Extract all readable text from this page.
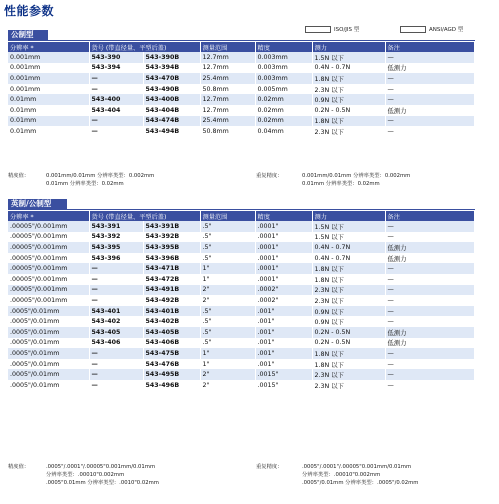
性能参数
ISO/JIS 型	ANSI/AGD 型
公制型
分辨率 *	货号 (带直径量、平型后盖)		测量范围	精度	测力	备注
0.001mm	543-390	543-390B	12.7mm	0.003mm	1.5N 以下	—
0.001mm	543-394	543-394B	12.7mm	0.003mm	0.4N - 0.7N	低测力
0.001mm	—	543-470B	25.4mm	0.003mm	1.8N 以下	—
0.001mm	—	543-490B	50.8mm	0.005mm	2.3N 以下	—
0.01mm	543-400	543-400B	12.7mm	0.02mm	0.9N 以下	—
0.01mm	543-404	543-404B	12.7mm	0.02mm	0.2N - 0.5N	低测力
0.01mm	—	543-474B	25.4mm	0.02mm	1.8N 以下	—
0.01mm	—	543-494B	50.8mm	0.04mm	2.3N 以下	—
精度值：	0.001mm/0.01mm 分辨率类型：0.002mm
0.01mm 分辨率类型：0.02mm
重复精度：	0.001mm/0.01mm 分辨率类型：0.002mm
0.01mm 分辨率类型：0.02mm
英制/公制型
分辨率 *	货号 (带直径量、平型后盖)		测量范围	精度	测力	备注
.00005"/0.001mm	543-391	543-391B	.5"	.0001"	1.5N 以下	—
.00005"/0.001mm	543-392	543-392B	.5"	.0001"	1.5N 以下	—
.00005"/0.001mm	543-395	543-395B	.5"	.0001"	0.4N - 0.7N	低测力
.00005"/0.001mm	543-396	543-396B	.5"	.0001"	0.4N - 0.7N	低测力
.00005"/0.001mm	—	543-471B	1"	.0001"	1.8N 以下	—
.00005"/0.001mm	—	543-472B	1"	.0001"	1.8N 以下	—
.00005"/0.001mm	—	543-491B	2"	.0002"	2.3N 以下	—
.00005"/0.001mm	—	543-492B	2"	.0002"	2.3N 以下	—
.0005"/0.01mm	543-401	543-401B	.5"	.001"	0.9N 以下	—
.0005"/0.01mm	543-402	543-402B	.5"	.001"	0.9N 以下	—
.0005"/0.01mm	543-405	543-405B	.5"	.001"	0.2N - 0.5N	低测力
.0005"/0.01mm	543-406	543-406B	.5"	.001"	0.2N - 0.5N	低测力
.0005"/0.01mm	—	543-475B	1"	.001"	1.8N 以下	—
.0005"/0.01mm	—	543-476B	1"	.001"	1.8N 以下	—
.0005"/0.01mm	—	543-495B	2"	.0015"	2.3N 以下	—
.0005"/0.01mm	—	543-496B	2"	.0015"	2.3N 以下	—
精度值：	.0005"/.0001"/.00005"0.001mm/0.01mm
分辨率类型：.00010"0.002mm
.0005"0.01mm 分辨率类型：.0010"0.02mm
重复精度：	.0005"/.0001"/.00005"0.001mm/0.01mm
分辨率类型：.00010"0.002mm
.0005"/0.01mm 分辨率类型：.0005"/0.02mm
